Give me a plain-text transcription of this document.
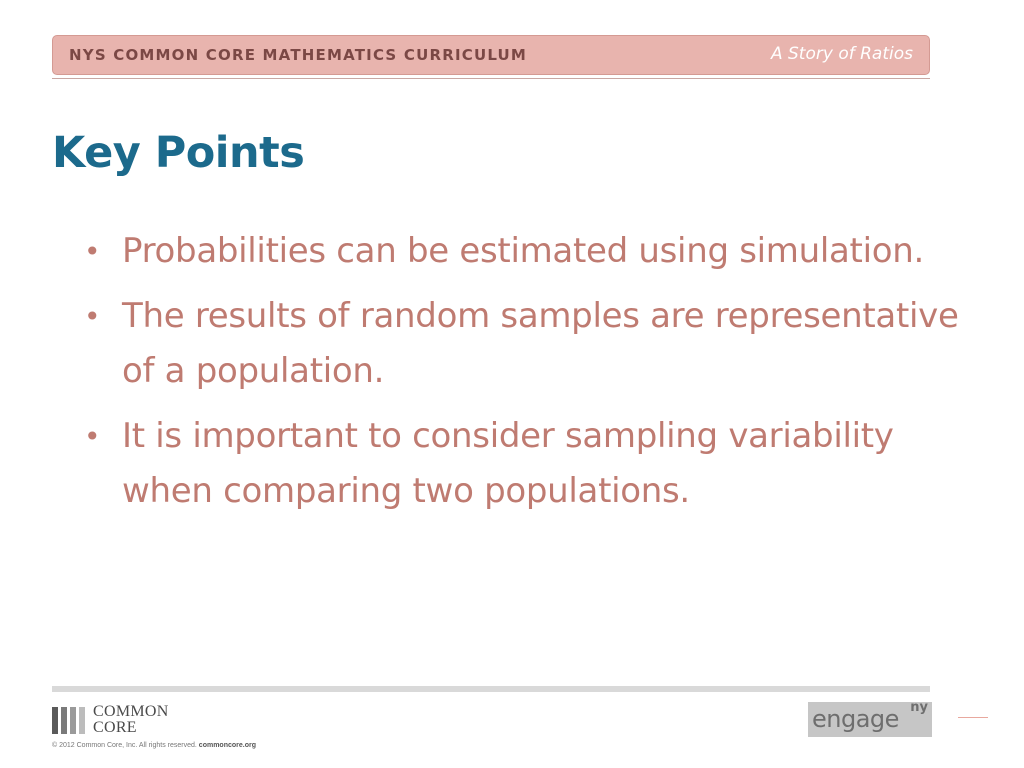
NYS COMMON CORE MATHEMATICS CURRICULUM	A Story of Ratios
Key Points
• Probabilities can be estimated using simulation.
• The results of random samples are representative of a population.
• It is important to consider sampling variability when comparing two populations.
COMMON
CORE
© 2012 Common Core, Inc. All rights reserved. commoncore.org
engage ny
